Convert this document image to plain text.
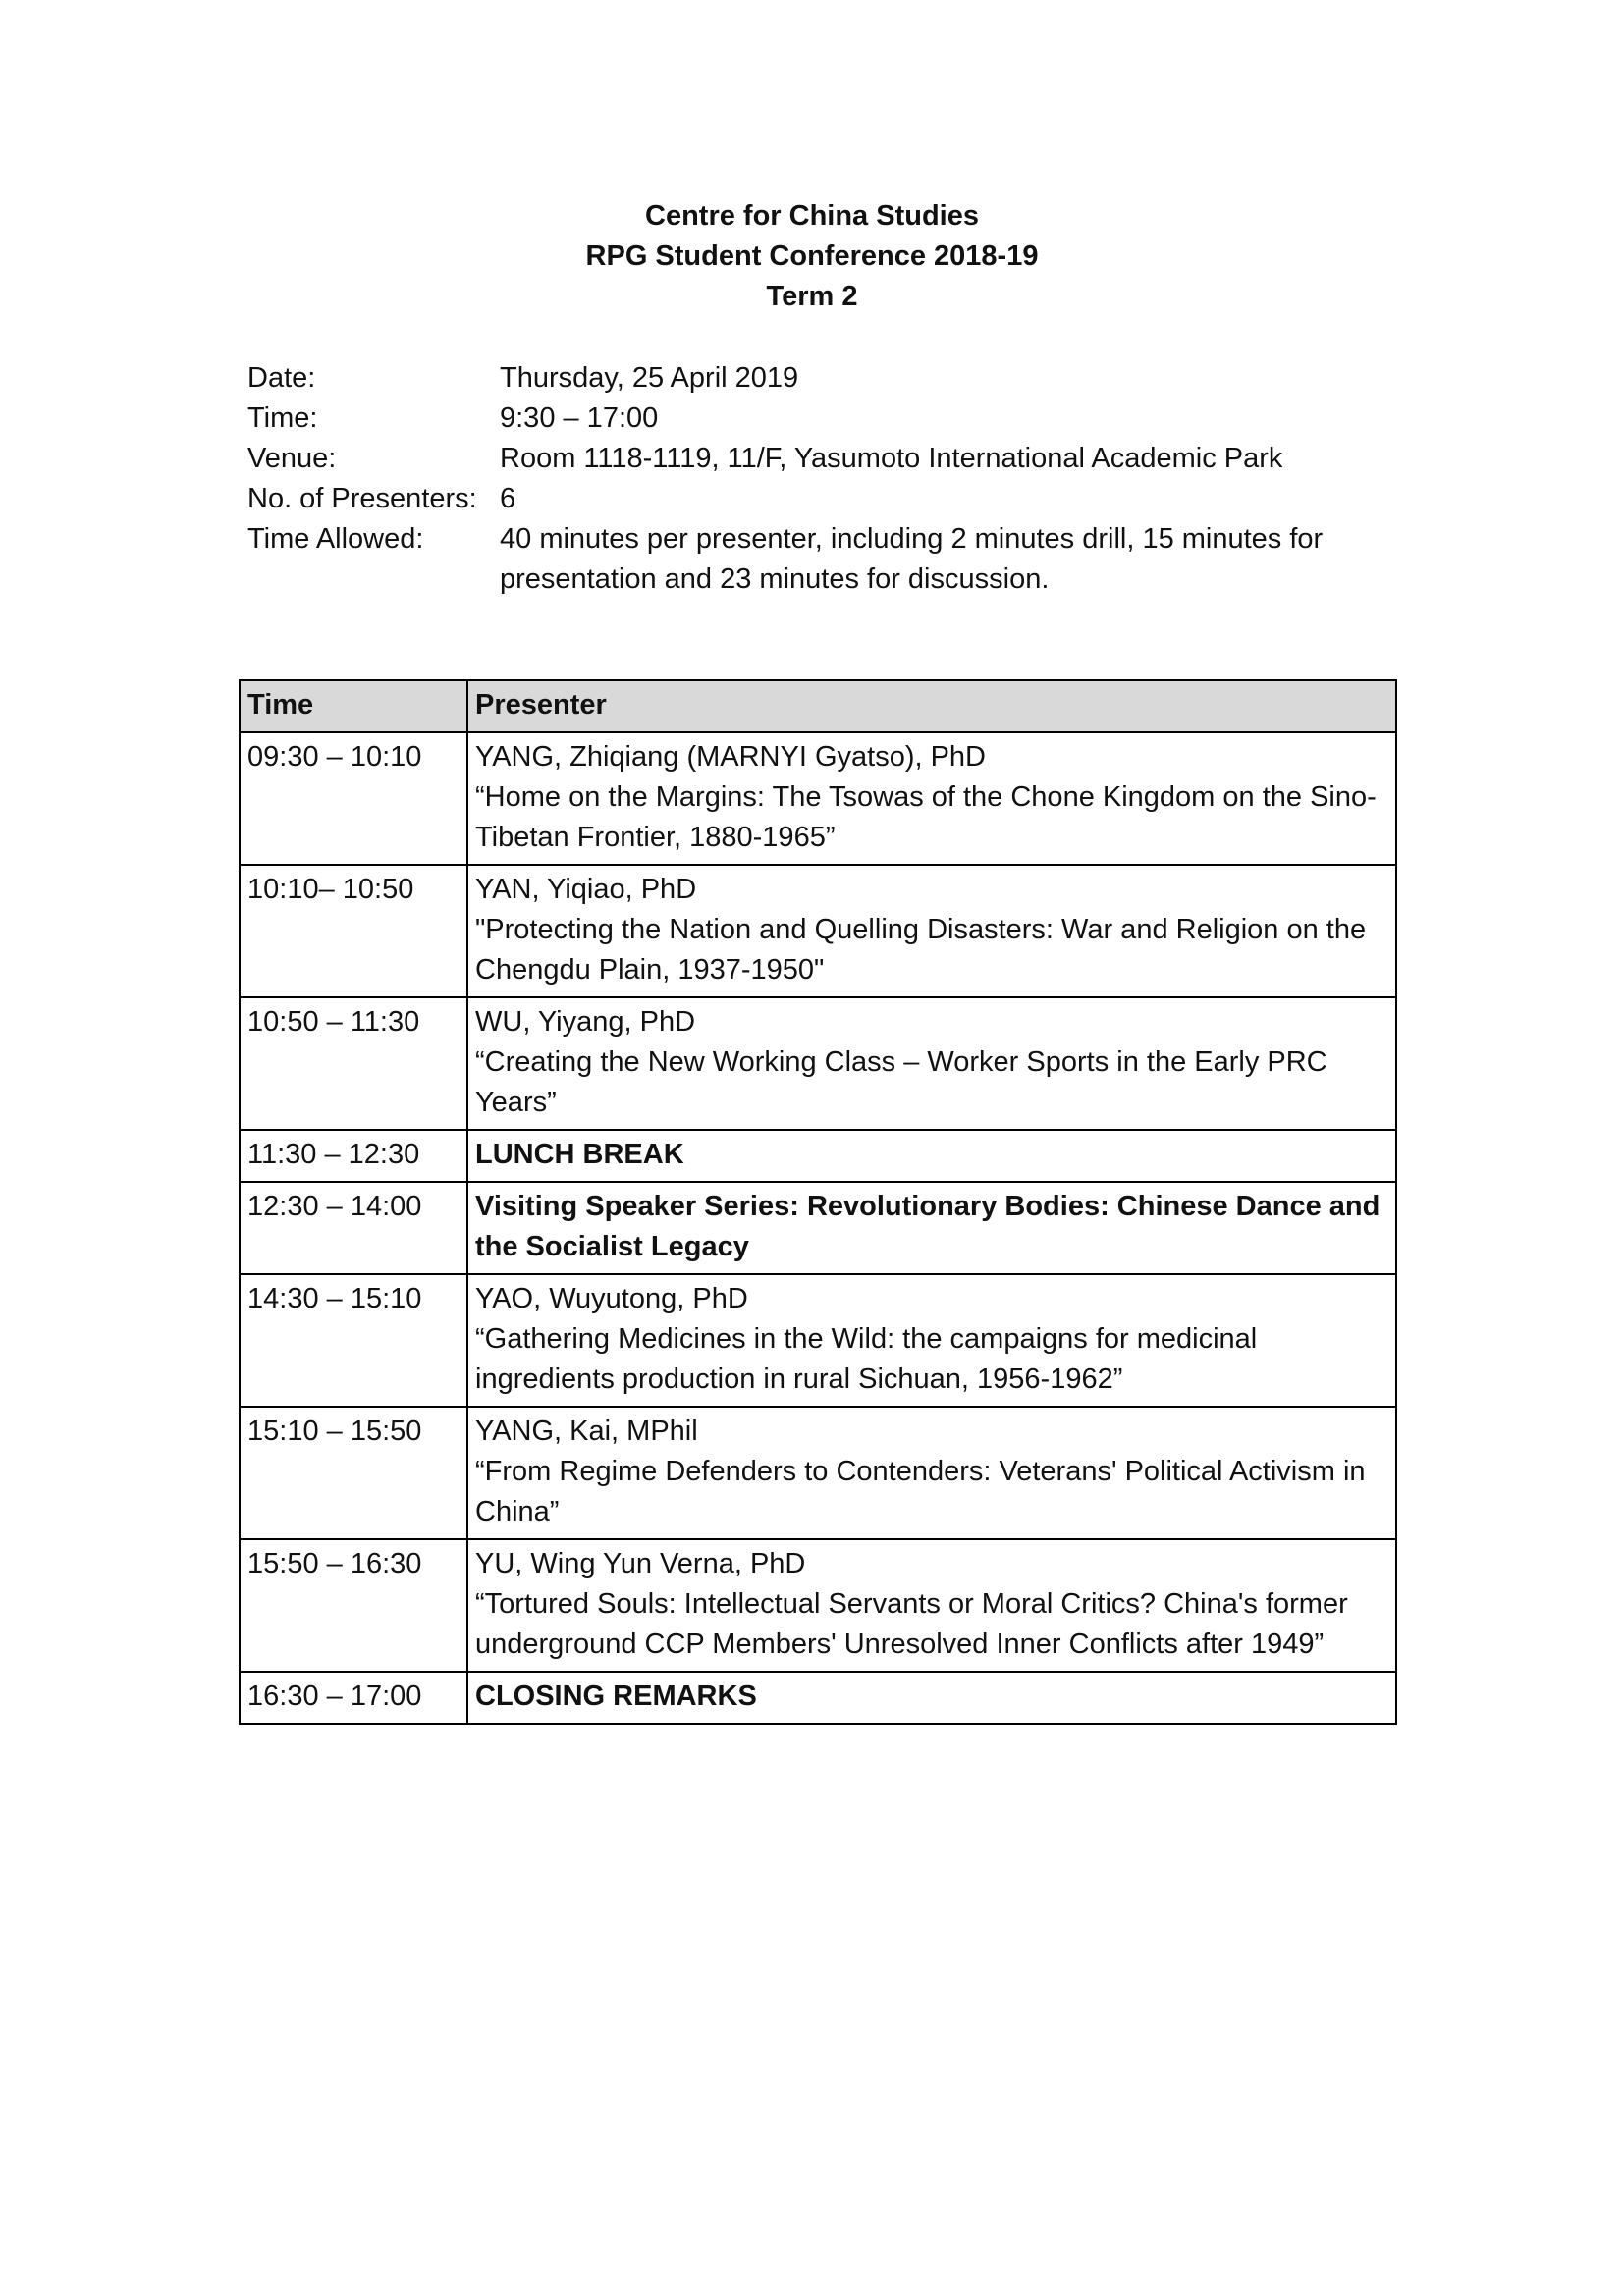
Centre for China Studies
RPG Student Conference 2018-19
Term 2
Date:	Thursday, 25 April 2019
Time:	9:30 – 17:00
Venue:	Room 1118-1119, 11/F, Yasumoto International Academic Park
No. of Presenters: 6
Time Allowed:	40 minutes per presenter, including 2 minutes drill, 15 minutes for presentation and 23 minutes for discussion.
Time	Presenter
09:30 – 10:10	YANG, Zhiqiang (MARNYI Gyatso), PhD
“Home on the Margins: The Tsowas of the Chone Kingdom on the Sino-Tibetan Frontier, 1880-1965”

10:10– 10:50	YAN, Yiqiao, PhD
"Protecting the Nation and Quelling Disasters: War and Religion on the Chengdu Plain, 1937-1950"

10:50 – 11:30	WU, Yiyang, PhD
“Creating the New Working Class – Worker Sports in the Early PRC Years”

11:30 – 12:30	LUNCH BREAK
12:30 – 14:00	Visiting Speaker Series: Revolutionary Bodies: Chinese Dance and the Socialist Legacy
14:30 – 15:10	YAO, Wuyutong, PhD
“Gathering Medicines in the Wild: the campaigns for medicinal ingredients production in rural Sichuan, 1956-1962”

15:10 – 15:50	YANG, Kai, MPhil
“From Regime Defenders to Contenders: Veterans' Political Activism in China”

15:50 – 16:30	YU, Wing Yun Verna, PhD
“Tortured Souls: Intellectual Servants or Moral Critics? China's former underground CCP Members' Unresolved Inner Conflicts after 1949”

16:30 – 17:00	CLOSING REMARKS
